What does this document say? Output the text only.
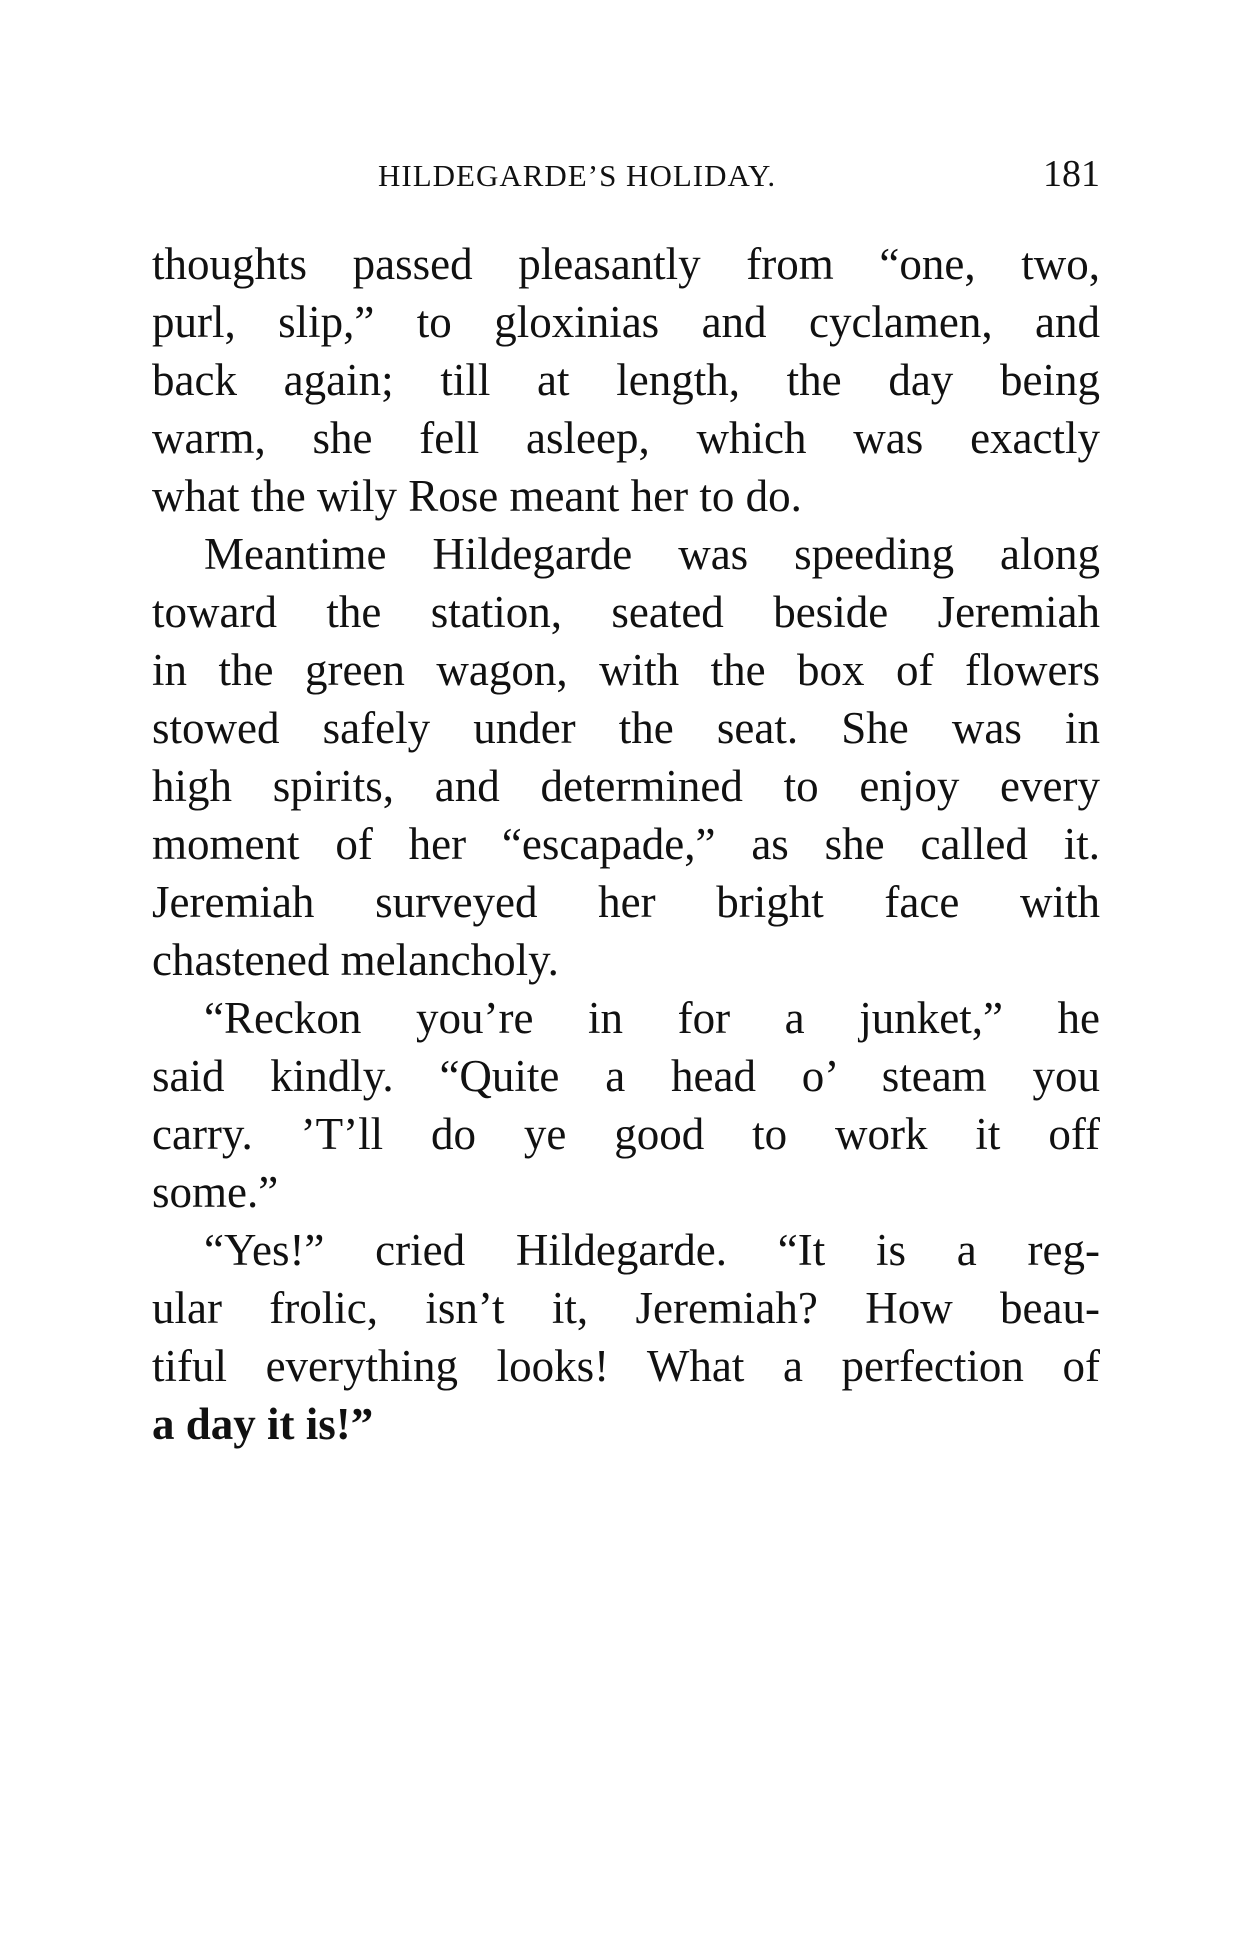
HILDEGARDE’S HOLIDAY.	181
thoughts passed pleasantly from “one, two,
purl, slip,” to gloxinias and cyclamen, and
back again; till at length, the day being
warm, she fell asleep, which was exactly
what the wily Rose meant her to do.
Meantime Hildegarde was speeding along
toward the station, seated beside Jeremiah
in the green wagon, with the box of flowers
stowed safely under the seat. She was in
high spirits, and determined to enjoy every
moment of her “escapade,” as she called it.
Jeremiah surveyed her bright face with
chastened melancholy.
“Reckon you’re in for a junket,” he
said kindly. “Quite a head o’ steam you
carry. ’T’ll do ye good to work it off
some.”
“Yes!” cried Hildegarde. “It is a reg-
ular frolic, isn’t it, Jeremiah? How beau-
tiful everything looks! What a perfection of
a day it is!”
